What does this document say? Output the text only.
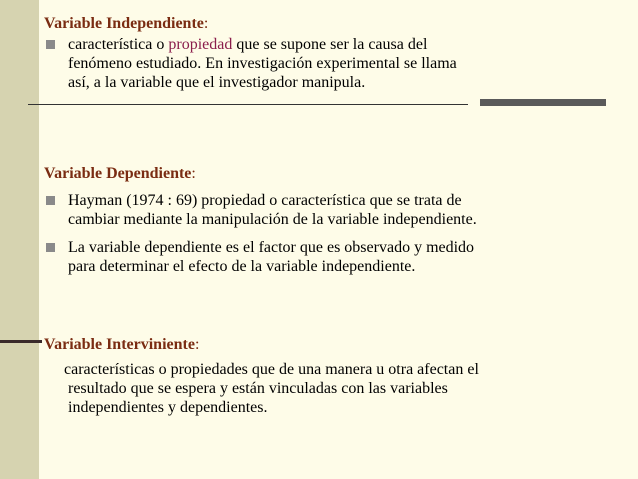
Variable Independiente:
característica o propiedad que se supone ser la causa del
fenómeno estudiado. En investigación experimental se llama
así, a la variable que el investigador manipula.
Variable Dependiente:
Hayman (1974 : 69) propiedad o característica que se trata de
cambiar mediante la manipulación de la variable independiente.
La variable dependiente es el factor que es observado y medido
para determinar el efecto de la variable independiente.
Variable Interviniente:
características o propiedades que de una manera u otra afectan el
resultado que se espera y están vinculadas con las variables
independientes y dependientes.
